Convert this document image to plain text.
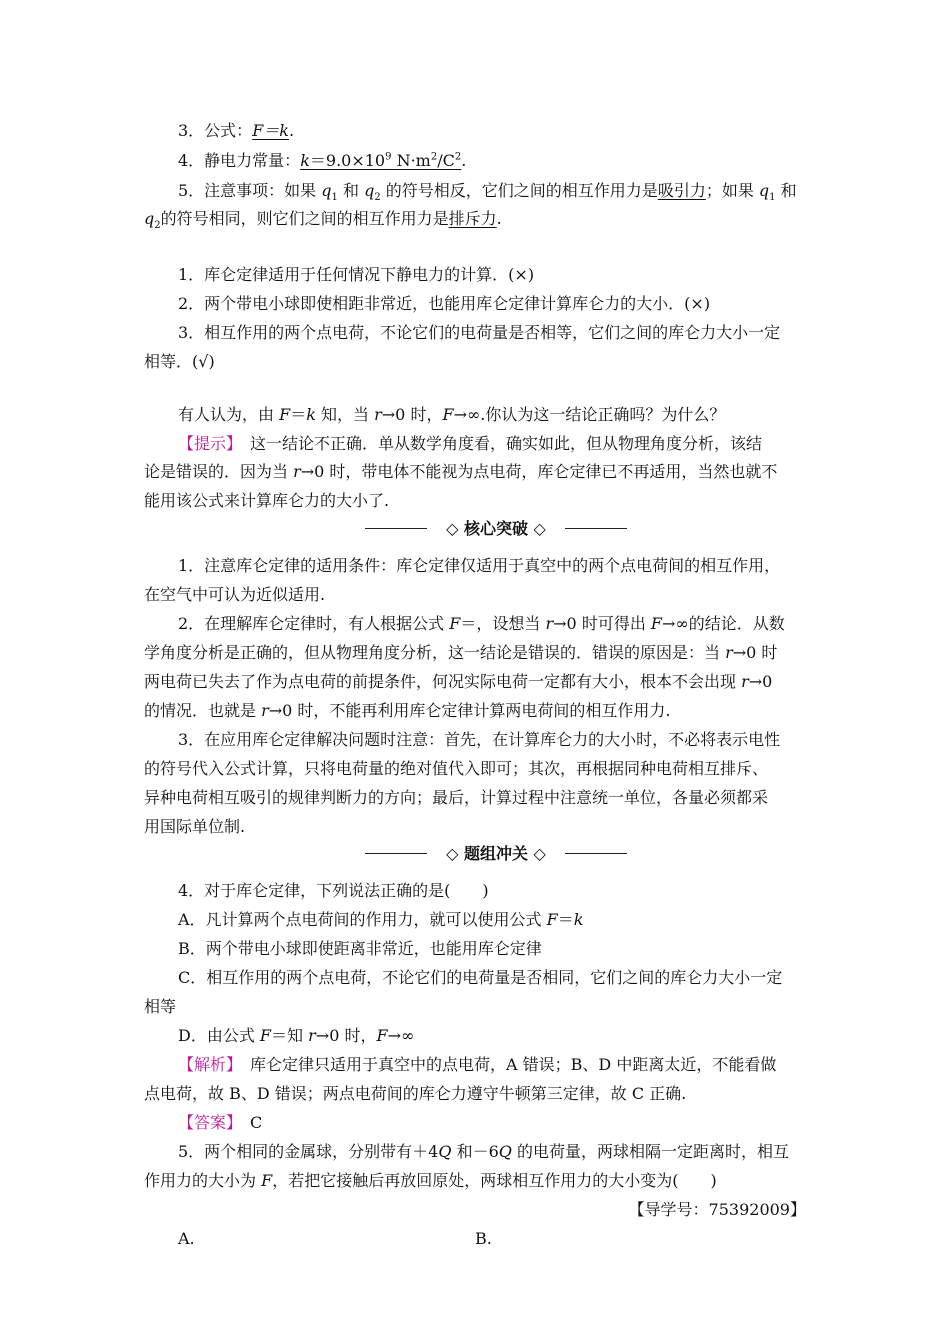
3．公式：F＝k.
4．静电力常量：$k=9.0\times 10^9$ $N\cdot m^2/C^2$.
5．注意事项：如果 $q_1$ 和 $q_2$ 的符号相反，它们之间的相互作用力是吸引力；如果 $q_1$ 和
$q_2$的符号相同，则它们之间的相互作用力是排斥力.
1．库仑定律适用于任何情况下静电力的计算．(×)
2．两个带电小球即使相距非常近，也能用库仑定律计算库仑力的大小．(×)
3．相互作用的两个点电荷，不论它们的电荷量是否相等，它们之间的库仑力大小一定
相等．(√)
有人认为，由 F＝k 知，当 r→0 时，F→∞.你认为这一结论正确吗？为什么？
【提示】　这一结论不正确．单从数学角度看，确实如此，但从物理角度分析，该结
论是错误的．因为当 r→0 时，带电体不能视为点电荷，库仑定律已不再适用，当然也就不
能用该公式来计算库仑力的大小了.
◇ 核心突破 ◇
1．注意库仑定律的适用条件：库仑定律仅适用于真空中的两个点电荷间的相互作用，
在空气中可认为近似适用.
2．在理解库仑定律时，有人根据公式 F＝，设想当 r→0 时可得出 F→∞的结论．从数
学角度分析是正确的，但从物理角度分析，这一结论是错误的．错误的原因是：当 r→0 时
两电荷已失去了作为点电荷的前提条件，何况实际电荷一定都有大小，根本不会出现 r→0
的情况．也就是 r→0 时，不能再利用库仑定律计算两电荷间的相互作用力.
3．在应用库仑定律解决问题时注意：首先，在计算库仑力的大小时，不必将表示电性
的符号代入公式计算，只将电荷量的绝对值代入即可；其次，再根据同种电荷相互排斥、
异种电荷相互吸引的规律判断力的方向；最后，计算过程中注意统一单位，各量必须都采
用国际单位制.
◇ 题组冲关 ◇
4．对于库仑定律，下列说法正确的是(　　)
A．凡计算两个点电荷间的作用力，就可以使用公式 F＝k
B．两个带电小球即使距离非常近，也能用库仑定律
C．相互作用的两个点电荷，不论它们的电荷量是否相同，它们之间的库仑力大小一定
相等
D．由公式 F＝知 r→0 时，F→∞
【解析】　库仑定律只适用于真空中的点电荷，A 错误；B、D 中距离太近，不能看做
点电荷，故 B、D 错误；两点电荷间的库仑力遵守牛顿第三定律，故 C 正确.
【答案】　C
5．两个相同的金属球，分别带有＋4Q 和－6Q 的电荷量，两球相隔一定距离时，相互
作用力的大小为 F，若把它接触后再放回原处，两球相互作用力的大小变为(　　)
【导学号：75392009】
A.	B.
